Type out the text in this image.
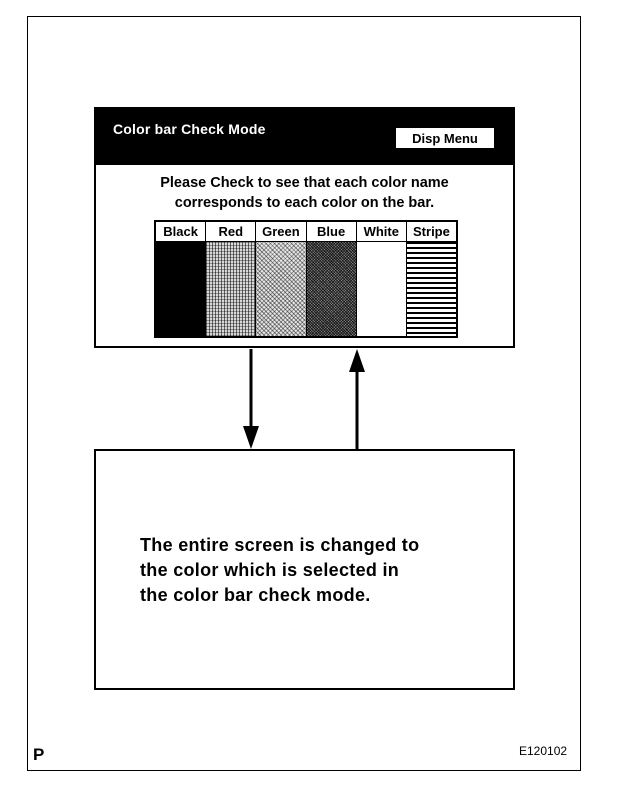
Color bar Check Mode
Disp Menu
Please Check to see that each color name
corresponds to each color on the bar.
Black	Red	Green	Blue	White	Stripe
The entire screen is changed to
the color which is selected in
the color bar check mode.
P	E120102
